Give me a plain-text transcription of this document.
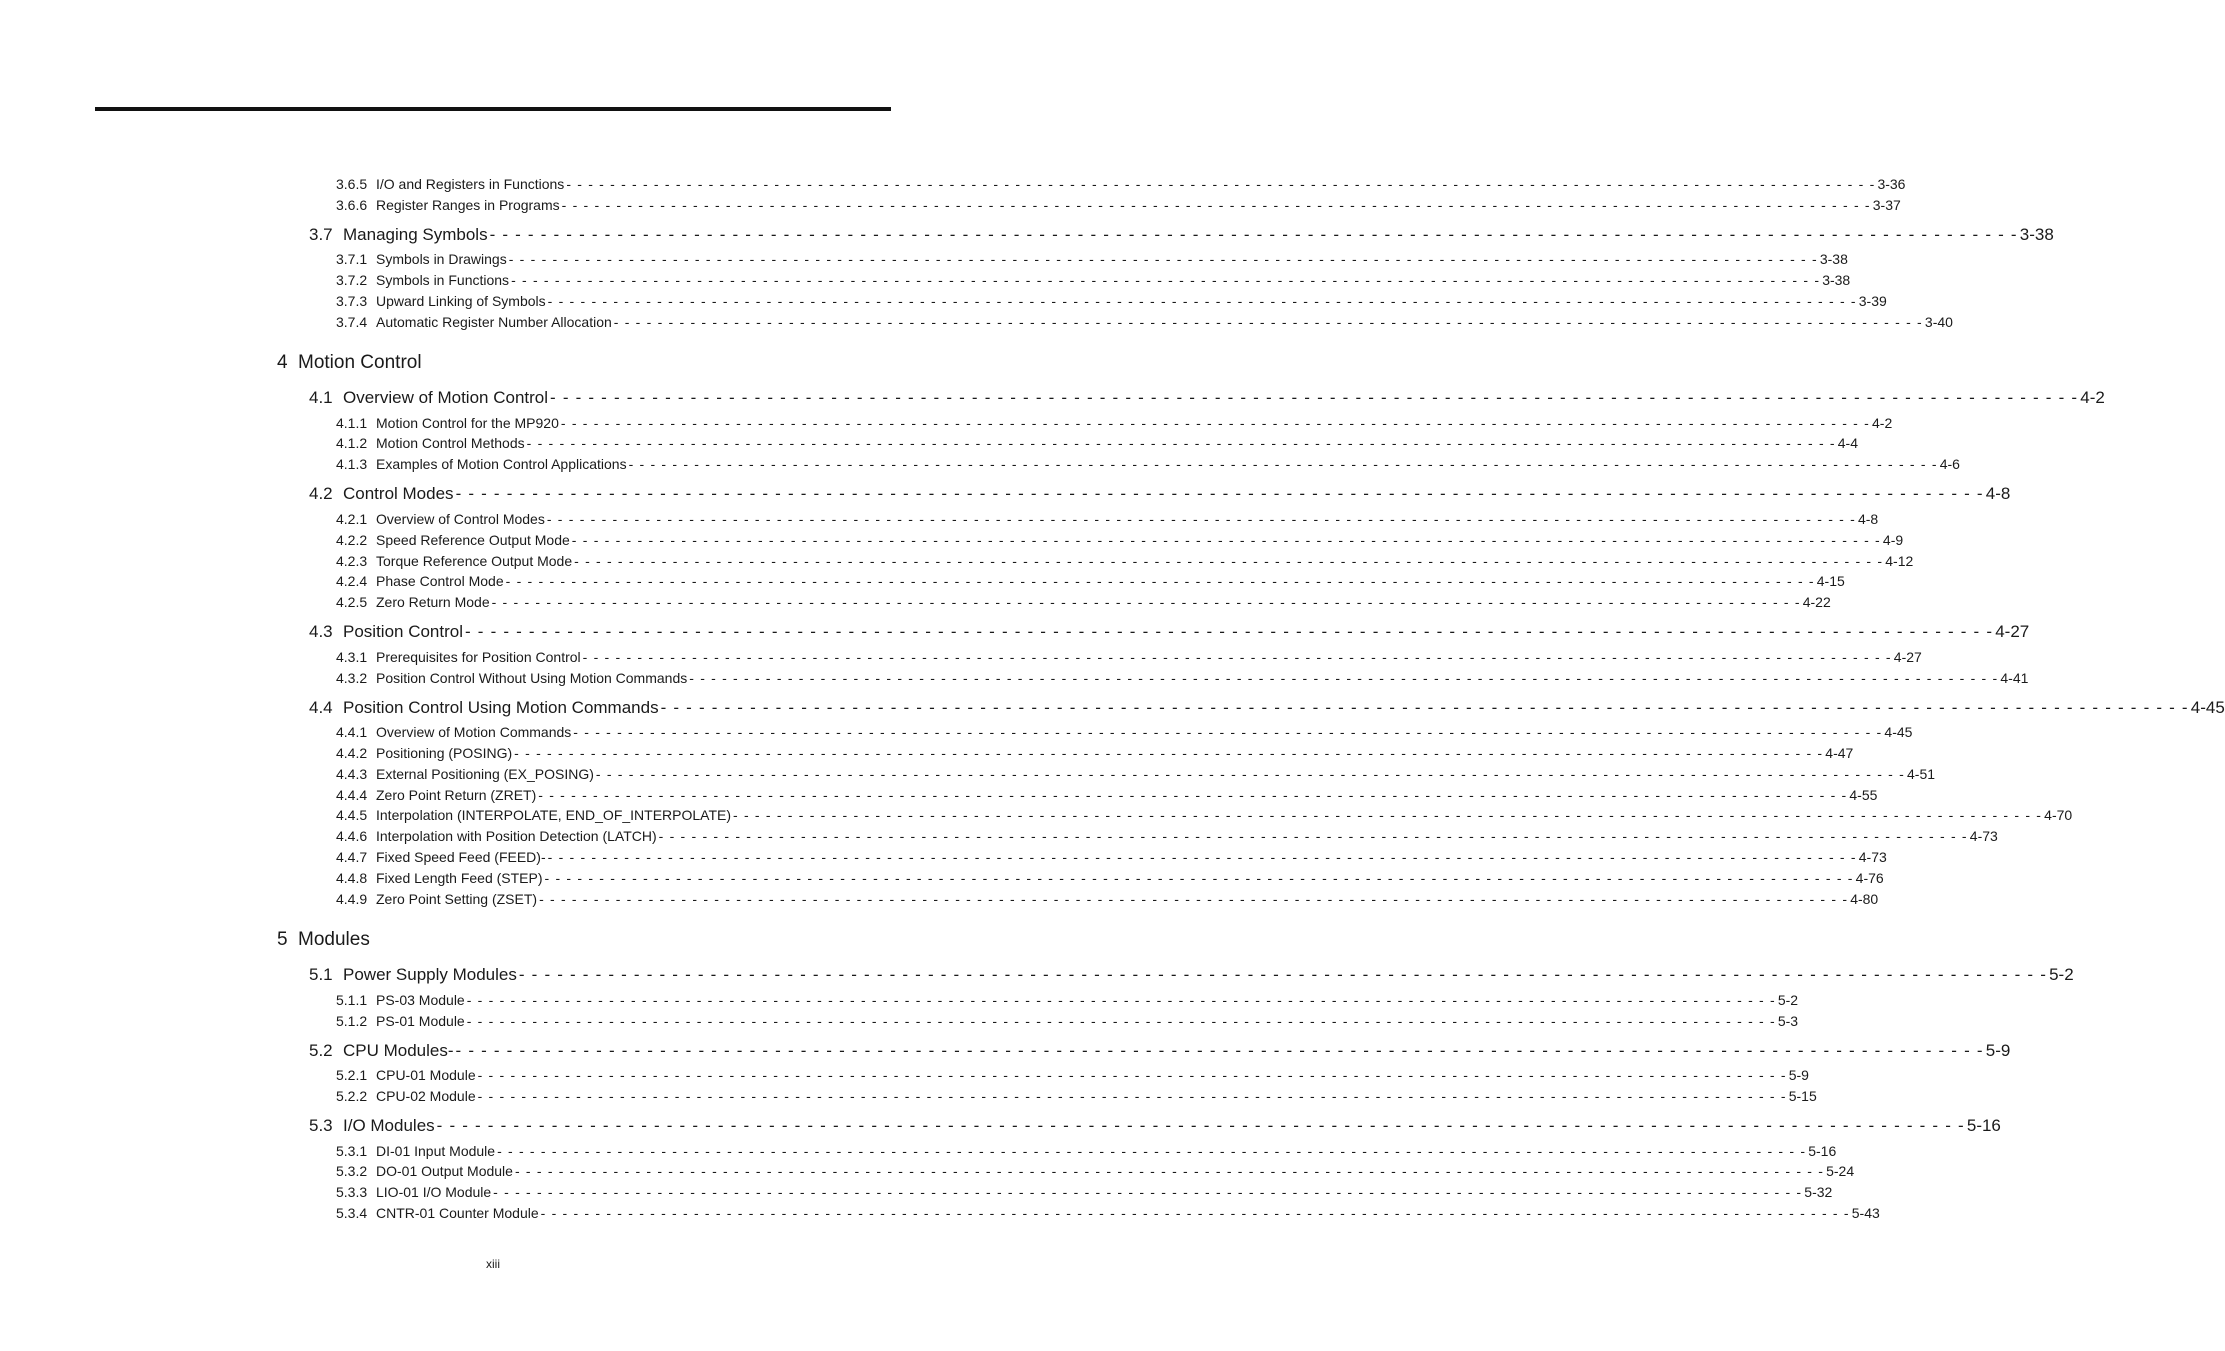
3.6.5 I/O and Registers in Functions - - - - - - - - - - - - - - - - - - - - - - - - - - - - - - - - - - - - - - - - - - - - - - - - - - - - - - - - - - - - - - - - - - - - - - - - - - - - - - - - - - - - - - - - - - - - - - - - - - - - - - - - - - - - - - - - - - - - - - - - 3-36
3.6.6 Register Ranges in Programs - - - - - - - - - - - - - - - - - - - - - - - - - - - - - - - - - - - - - - - - - - - - - - - - - - - - - - - - - - - - - - - - - - - - - - - - - - - - - - - - - - - - - - - - - - - - - - - - - - - - - - - - - - - - - - - - - - - - - - - - 3-37
3.7 Managing Symbols - - - - - - - - - - - - - - - - - - - - - - - - - - - - - - - - - - - - - - - - - - - - - - - - - - - - - - - - - - - - - - - - - - - - - - - - - - - - - - - - - - - - - - - - - - - - - - - - - - - - - - - - - - - - - - - - - - - - - - - - 3-38
3.7.1 Symbols in Drawings - - - - - - - - - - - - - - - - - - - - - - - - - - - - - - - - - - - - - - - - - - - - - - - - - - - - - - - - - - - - - - - - - - - - - - - - - - - - - - - - - - - - - - - - - - - - - - - - - - - - - - - - - - - - - - - - - - - - - - - - 3-38
3.7.2 Symbols in Functions - - - - - - - - - - - - - - - - - - - - - - - - - - - - - - - - - - - - - - - - - - - - - - - - - - - - - - - - - - - - - - - - - - - - - - - - - - - - - - - - - - - - - - - - - - - - - - - - - - - - - - - - - - - - - - - - - - - - - - - - 3-38
3.7.3 Upward Linking of Symbols - - - - - - - - - - - - - - - - - - - - - - - - - - - - - - - - - - - - - - - - - - - - - - - - - - - - - - - - - - - - - - - - - - - - - - - - - - - - - - - - - - - - - - - - - - - - - - - - - - - - - - - - - - - - - - - - - - - - - - - - 3-39
3.7.4 Automatic Register Number Allocation - - - - - - - - - - - - - - - - - - - - - - - - - - - - - - - - - - - - - - - - - - - - - - - - - - - - - - - - - - - - - - - - - - - - - - - - - - - - - - - - - - - - - - - - - - - - - - - - - - - - - - - - - - - - - - - - - - - - - - - - 3-40
4 Motion Control
4.1 Overview of Motion Control - - - - - - - - - - - - - - - - - - - - - - - - - - - - - - - - - - - - - - - - - - - - - - - - - - - - - - - - - - - - - - - - - - - - - - - - - - - - - - - - - - - - - - - - - - - - - - - - - - - - - - - - - - - - - - - - - - - - - - - - 4-2
4.1.1 Motion Control for the MP920 - - - - - - - - - - - - - - - - - - - - - - - - - - - - - - - - - - - - - - - - - - - - - - - - - - - - - - - - - - - - - - - - - - - - - - - - - - - - - - - - - - - - - - - - - - - - - - - - - - - - - - - - - - - - - - - - - - - - - - - - 4-2
4.1.2 Motion Control Methods - - - - - - - - - - - - - - - - - - - - - - - - - - - - - - - - - - - - - - - - - - - - - - - - - - - - - - - - - - - - - - - - - - - - - - - - - - - - - - - - - - - - - - - - - - - - - - - - - - - - - - - - - - - - - - - - - - - - - - - - 4-4
4.1.3 Examples of Motion Control Applications - - - - - - - - - - - - - - - - - - - - - - - - - - - - - - - - - - - - - - - - - - - - - - - - - - - - - - - - - - - - - - - - - - - - - - - - - - - - - - - - - - - - - - - - - - - - - - - - - - - - - - - - - - - - - - - - - - - - - - - - 4-6
4.2 Control Modes - - - - - - - - - - - - - - - - - - - - - - - - - - - - - - - - - - - - - - - - - - - - - - - - - - - - - - - - - - - - - - - - - - - - - - - - - - - - - - - - - - - - - - - - - - - - - - - - - - - - - - - - - - - - - - - - - - - - - - - - 4-8
4.2.1 Overview of Control Modes - - - - - - - - - - - - - - - - - - - - - - - - - - - - - - - - - - - - - - - - - - - - - - - - - - - - - - - - - - - - - - - - - - - - - - - - - - - - - - - - - - - - - - - - - - - - - - - - - - - - - - - - - - - - - - - - - - - - - - - - 4-8
4.2.2 Speed Reference Output Mode - - - - - - - - - - - - - - - - - - - - - - - - - - - - - - - - - - - - - - - - - - - - - - - - - - - - - - - - - - - - - - - - - - - - - - - - - - - - - - - - - - - - - - - - - - - - - - - - - - - - - - - - - - - - - - - - - - - - - - - - 4-9
4.2.3 Torque Reference Output Mode - - - - - - - - - - - - - - - - - - - - - - - - - - - - - - - - - - - - - - - - - - - - - - - - - - - - - - - - - - - - - - - - - - - - - - - - - - - - - - - - - - - - - - - - - - - - - - - - - - - - - - - - - - - - - - - - - - - - - - - - 4-12
4.2.4 Phase Control Mode - - - - - - - - - - - - - - - - - - - - - - - - - - - - - - - - - - - - - - - - - - - - - - - - - - - - - - - - - - - - - - - - - - - - - - - - - - - - - - - - - - - - - - - - - - - - - - - - - - - - - - - - - - - - - - - - - - - - - - - - 4-15
4.2.5 Zero Return Mode - - - - - - - - - - - - - - - - - - - - - - - - - - - - - - - - - - - - - - - - - - - - - - - - - - - - - - - - - - - - - - - - - - - - - - - - - - - - - - - - - - - - - - - - - - - - - - - - - - - - - - - - - - - - - - - - - - - - - - - - 4-22
4.3 Position Control - - - - - - - - - - - - - - - - - - - - - - - - - - - - - - - - - - - - - - - - - - - - - - - - - - - - - - - - - - - - - - - - - - - - - - - - - - - - - - - - - - - - - - - - - - - - - - - - - - - - - - - - - - - - - - - - - - - - - - - - 4-27
4.3.1 Prerequisites for Position Control - - - - - - - - - - - - - - - - - - - - - - - - - - - - - - - - - - - - - - - - - - - - - - - - - - - - - - - - - - - - - - - - - - - - - - - - - - - - - - - - - - - - - - - - - - - - - - - - - - - - - - - - - - - - - - - - - - - - - - - - 4-27
4.3.2 Position Control Without Using Motion Commands - - - - - - - - - - - - - - - - - - - - - - - - - - - - - - - - - - - - - - - - - - - - - - - - - - - - - - - - - - - - - - - - - - - - - - - - - - - - - - - - - - - - - - - - - - - - - - - - - - - - - - - - - - - - - - - - - - - - - - - - 4-41
4.4 Position Control Using Motion Commands - - - - - - - - - - - - - - - - - - - - - - - - - - - - - - - - - - - - - - - - - - - - - - - - - - - - - - - - - - - - - - - - - - - - - - - - - - - - - - - - - - - - - - - - - - - - - - - - - - - - - - - - - - - - - - - - - - - - - - - - 4-45
4.4.1 Overview of Motion Commands - - - - - - - - - - - - - - - - - - - - - - - - - - - - - - - - - - - - - - - - - - - - - - - - - - - - - - - - - - - - - - - - - - - - - - - - - - - - - - - - - - - - - - - - - - - - - - - - - - - - - - - - - - - - - - - - - - - - - - - - 4-45
4.4.2 Positioning (POSING) - - - - - - - - - - - - - - - - - - - - - - - - - - - - - - - - - - - - - - - - - - - - - - - - - - - - - - - - - - - - - - - - - - - - - - - - - - - - - - - - - - - - - - - - - - - - - - - - - - - - - - - - - - - - - - - - - - - - - - - - 4-47
4.4.3 External Positioning (EX_POSING) - - - - - - - - - - - - - - - - - - - - - - - - - - - - - - - - - - - - - - - - - - - - - - - - - - - - - - - - - - - - - - - - - - - - - - - - - - - - - - - - - - - - - - - - - - - - - - - - - - - - - - - - - - - - - - - - - - - - - - - - 4-51
4.4.4 Zero Point Return (ZRET) - - - - - - - - - - - - - - - - - - - - - - - - - - - - - - - - - - - - - - - - - - - - - - - - - - - - - - - - - - - - - - - - - - - - - - - - - - - - - - - - - - - - - - - - - - - - - - - - - - - - - - - - - - - - - - - - - - - - - - - - 4-55
4.4.5 Interpolation (INTERPOLATE, END_OF_INTERPOLATE) - - - - - - - - - - - - - - - - - - - - - - - - - - - - - - - - - - - - - - - - - - - - - - - - - - - - - - - - - - - - - - - - - - - - - - - - - - - - - - - - - - - - - - - - - - - - - - - - - - - - - - - - - - - - - - - - - - - - - - - - 4-70
4.4.6 Interpolation with Position Detection (LATCH) - - - - - - - - - - - - - - - - - - - - - - - - - - - - - - - - - - - - - - - - - - - - - - - - - - - - - - - - - - - - - - - - - - - - - - - - - - - - - - - - - - - - - - - - - - - - - - - - - - - - - - - - - - - - - - - - - - - - - - - - 4-73
4.4.7 Fixed Speed Feed (FEED)- - - - - - - - - - - - - - - - - - - - - - - - - - - - - - - - - - - - - - - - - - - - - - - - - - - - - - - - - - - - - - - - - - - - - - - - - - - - - - - - - - - - - - - - - - - - - - - - - - - - - - - - - - - - - - - - - - - - - - - - - 4-73
4.4.8 Fixed Length Feed (STEP) - - - - - - - - - - - - - - - - - - - - - - - - - - - - - - - - - - - - - - - - - - - - - - - - - - - - - - - - - - - - - - - - - - - - - - - - - - - - - - - - - - - - - - - - - - - - - - - - - - - - - - - - - - - - - - - - - - - - - - - - 4-76
4.4.9 Zero Point Setting (ZSET) - - - - - - - - - - - - - - - - - - - - - - - - - - - - - - - - - - - - - - - - - - - - - - - - - - - - - - - - - - - - - - - - - - - - - - - - - - - - - - - - - - - - - - - - - - - - - - - - - - - - - - - - - - - - - - - - - - - - - - - - 4-80
5 Modules
5.1 Power Supply Modules - - - - - - - - - - - - - - - - - - - - - - - - - - - - - - - - - - - - - - - - - - - - - - - - - - - - - - - - - - - - - - - - - - - - - - - - - - - - - - - - - - - - - - - - - - - - - - - - - - - - - - - - - - - - - - - - - - - - - - - - 5-2
5.1.1 PS-03 Module - - - - - - - - - - - - - - - - - - - - - - - - - - - - - - - - - - - - - - - - - - - - - - - - - - - - - - - - - - - - - - - - - - - - - - - - - - - - - - - - - - - - - - - - - - - - - - - - - - - - - - - - - - - - - - - - - - - - - - - - 5-2
5.1.2 PS-01 Module - - - - - - - - - - - - - - - - - - - - - - - - - - - - - - - - - - - - - - - - - - - - - - - - - - - - - - - - - - - - - - - - - - - - - - - - - - - - - - - - - - - - - - - - - - - - - - - - - - - - - - - - - - - - - - - - - - - - - - - - 5-3
5.2 CPU Modules- - - - - - - - - - - - - - - - - - - - - - - - - - - - - - - - - - - - - - - - - - - - - - - - - - - - - - - - - - - - - - - - - - - - - - - - - - - - - - - - - - - - - - - - - - - - - - - - - - - - - - - - - - - - - - - - - - - - - - - - - 5-9
5.2.1 CPU-01 Module - - - - - - - - - - - - - - - - - - - - - - - - - - - - - - - - - - - - - - - - - - - - - - - - - - - - - - - - - - - - - - - - - - - - - - - - - - - - - - - - - - - - - - - - - - - - - - - - - - - - - - - - - - - - - - - - - - - - - - - - 5-9
5.2.2 CPU-02 Module - - - - - - - - - - - - - - - - - - - - - - - - - - - - - - - - - - - - - - - - - - - - - - - - - - - - - - - - - - - - - - - - - - - - - - - - - - - - - - - - - - - - - - - - - - - - - - - - - - - - - - - - - - - - - - - - - - - - - - - - 5-15
5.3 I/O Modules - - - - - - - - - - - - - - - - - - - - - - - - - - - - - - - - - - - - - - - - - - - - - - - - - - - - - - - - - - - - - - - - - - - - - - - - - - - - - - - - - - - - - - - - - - - - - - - - - - - - - - - - - - - - - - - - - - - - - - - - 5-16
5.3.1 DI-01 Input Module - - - - - - - - - - - - - - - - - - - - - - - - - - - - - - - - - - - - - - - - - - - - - - - - - - - - - - - - - - - - - - - - - - - - - - - - - - - - - - - - - - - - - - - - - - - - - - - - - - - - - - - - - - - - - - - - - - - - - - - - 5-16
5.3.2 DO-01 Output Module - - - - - - - - - - - - - - - - - - - - - - - - - - - - - - - - - - - - - - - - - - - - - - - - - - - - - - - - - - - - - - - - - - - - - - - - - - - - - - - - - - - - - - - - - - - - - - - - - - - - - - - - - - - - - - - - - - - - - - - - 5-24
5.3.3 LIO-01 I/O Module - - - - - - - - - - - - - - - - - - - - - - - - - - - - - - - - - - - - - - - - - - - - - - - - - - - - - - - - - - - - - - - - - - - - - - - - - - - - - - - - - - - - - - - - - - - - - - - - - - - - - - - - - - - - - - - - - - - - - - - - 5-32
5.3.4 CNTR-01 Counter Module - - - - - - - - - - - - - - - - - - - - - - - - - - - - - - - - - - - - - - - - - - - - - - - - - - - - - - - - - - - - - - - - - - - - - - - - - - - - - - - - - - - - - - - - - - - - - - - - - - - - - - - - - - - - - - - - - - - - - - - - 5-43
xiii
